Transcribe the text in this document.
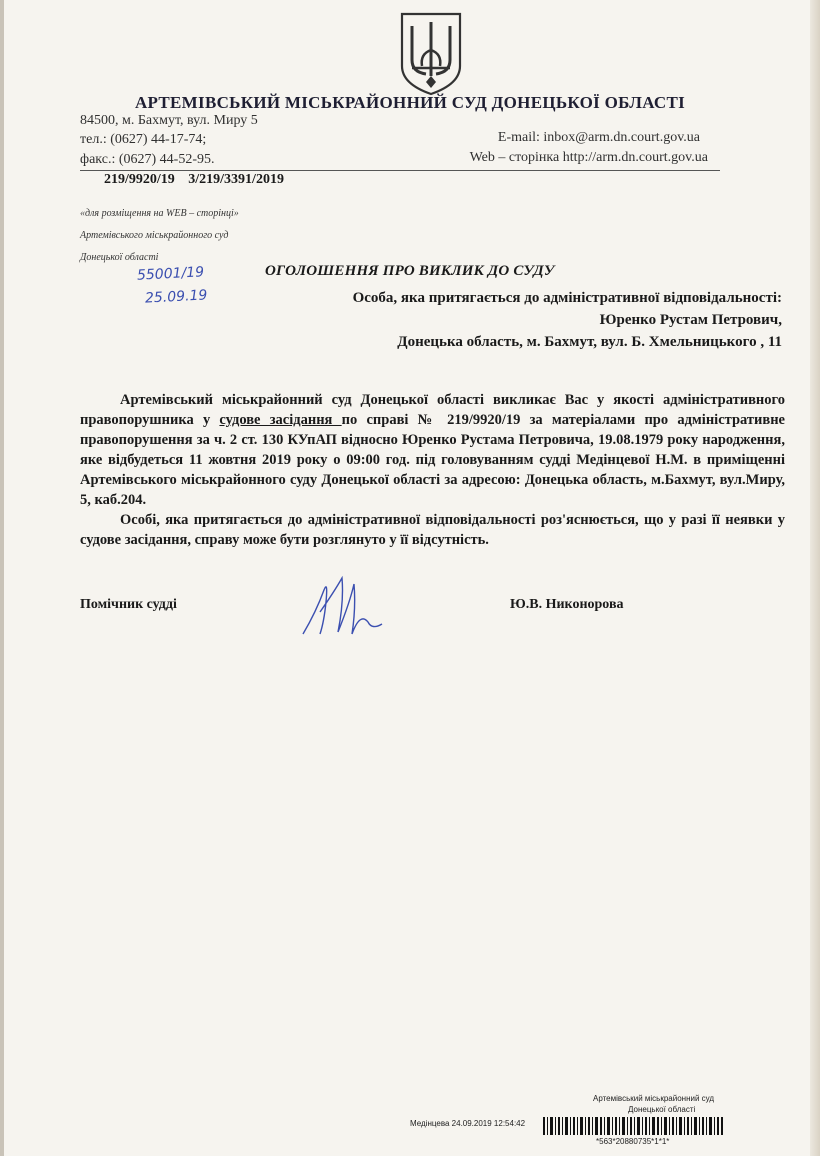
АРТЕМІВСЬКИЙ МІСЬКРАЙОННИЙ СУД ДОНЕЦЬКОЇ ОБЛАСТІ
84500, м. Бахмут, вул. Миру 5
тел.: (0627) 44-17-74;
факс.: (0627) 44-52-95.
E-mail: inbox@arm.dn.court.gov.ua
Web – сторінка http://arm.dn.court.gov.ua
219/9920/19 3/219/3391/2019
«для розміщення на WEB – сторінці»
Артемівського міськрайонного суд
Донецької області
55001/19
25.09.19
ОГОЛОШЕННЯ ПРО ВИКЛИК ДО СУДУ
Особа, яка притягається до адміністративної відповідальності:
Юренко Рустам Петрович,
Донецька область, м. Бахмут, вул. Б. Хмельницького , 11

Артемівський міськрайонний суд Донецької області викликає Вас у якості адміністративного правопорушника у судове засідання по справі № 219/9920/19 за матеріалами про адміністративне правопорушення за ч. 2 ст. 130 КУпАП відносно Юренко Рустама Петровича, 19.08.1979 року народження, яке відбудеться 11 жовтня 2019 року о 09:00 год. під головуванням судді Медінцевої Н.М. в приміщенні Артемівського міськрайонного суду Донецької області за адресою: Донецька область, м.Бахмут, вул.Миру, 5, каб.204.

Особі, яка притягається до адміністративної відповідальності роз'яснюється, що у разі її неявки у судове засідання, справу може бути розглянуто у її відсутність.

Помічник судді	Ю.В. Никонорова
Артемівський міськрайонний суд
Донецької області
Медінцева 24.09.2019 12:54:42
*563*20880735*1*1*
